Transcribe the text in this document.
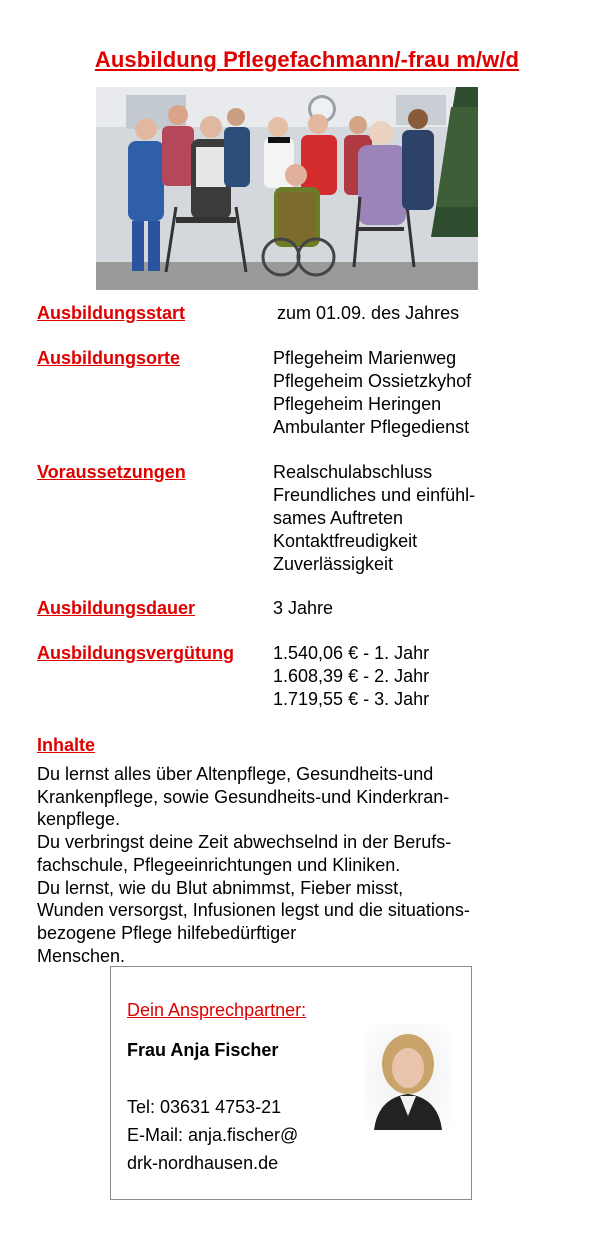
Ausbildung Pflegefachmann/-frau m/w/d
Ausbildungsstart	zum 01.09. des Jahres
Ausbildungsorte	Pflegeheim Marienweg
Pflegeheim Ossietzkyhof
Pflegeheim Heringen
Ambulanter Pflegedienst
Voraussetzungen	Realschulabschluss
Freundliches und einfühl-
sames Auftreten
Kontaktfreudigkeit
Zuverlässigkeit
Ausbildungsdauer	3 Jahre
Ausbildungsvergütung 1.540,06 € - 1. Jahr
1.608,39 € - 2. Jahr
1.719,55 € - 3. Jahr
Inhalte
Du lernst alles über Altenpflege, Gesundheits-und
Krankenpflege, sowie Gesundheits-und Kinderkran-
kenpflege.
Du verbringst deine Zeit abwechselnd in der Berufs-
fachschule, Pflegeeinrichtungen und Kliniken.
Du lernst, wie du Blut abnimmst, Fieber misst,
Wunden versorgst, Infusionen legst und die situations-
bezogene Pflege hilfebedürftiger
Menschen.
Dein Ansprechpartner:
Frau Anja Fischer
Tel: 03631 4753-21
E-Mail: anja.fischer@
drk-nordhausen.de
